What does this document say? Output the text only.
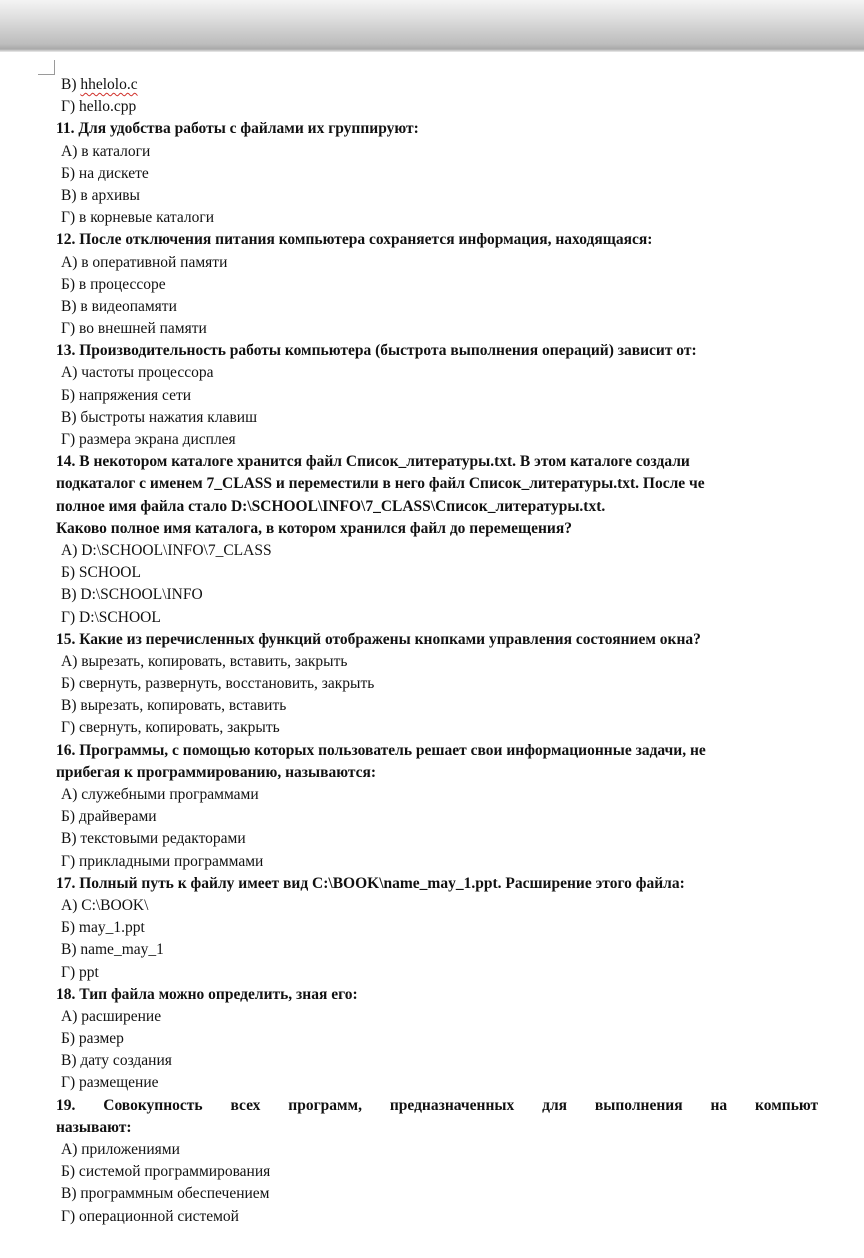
В) hhelolo.c
Г) hello.cpp
11. Для удобства работы с файлами их группируют:
А) в каталоги
Б) на дискете
В) в архивы
Г) в корневые каталоги
12. После отключения питания компьютера сохраняется информация, находящаяся:
А) в оперативной памяти
Б) в процессоре
В) в видеопамяти
Г) во внешней памяти
13. Производительность работы компьютера (быстрота выполнения операций) зависит от:
А) частоты процессора
Б) напряжения сети
В) быстроты нажатия клавиш
Г) размера экрана дисплея
14. В некотором каталоге хранится файл Список_литературы.txt. В этом каталоге создали
подкаталог с именем 7_CLASS и переместили в него файл Список_литературы.txt. После че
полное имя файла стало D:\SCHOOL\INFO\7_CLASS\Список_литературы.txt.
Каково полное имя каталога, в котором хранился файл до перемещения?
А) D:\SCHOOL\INFO\7_CLASS
Б) SCHOOL
В) D:\SCHOOL\INFO
Г) D:\SCHOOL
15. Какие из перечисленных функций отображены кнопками управления состоянием окна?
А) вырезать, копировать, вставить, закрыть
Б) свернуть, развернуть, восстановить, закрыть
В) вырезать, копировать, вставить
Г) свернуть, копировать, закрыть
16. Программы, с помощью которых пользователь решает свои информационные задачи, не
прибегая к программированию, называются:
А) служебными программами
Б) драйверами
В) текстовыми редакторами
Г) прикладными программами
17. Полный путь к файлу имеет вид C:\BOOK\name_may_1.ppt. Расширение этого файла:
А) C:\BOOK\
Б) may_1.ppt
В) name_may_1
Г) ppt
18. Тип файла можно определить, зная его:
А) расширение
Б) размер
В) дату создания
Г) размещение
19. Совокупность всех программ, предназначенных для выполнения на компьют
называют:
А) приложениями
Б) системой программирования
В) программным обеспечением
Г) операционной системой
